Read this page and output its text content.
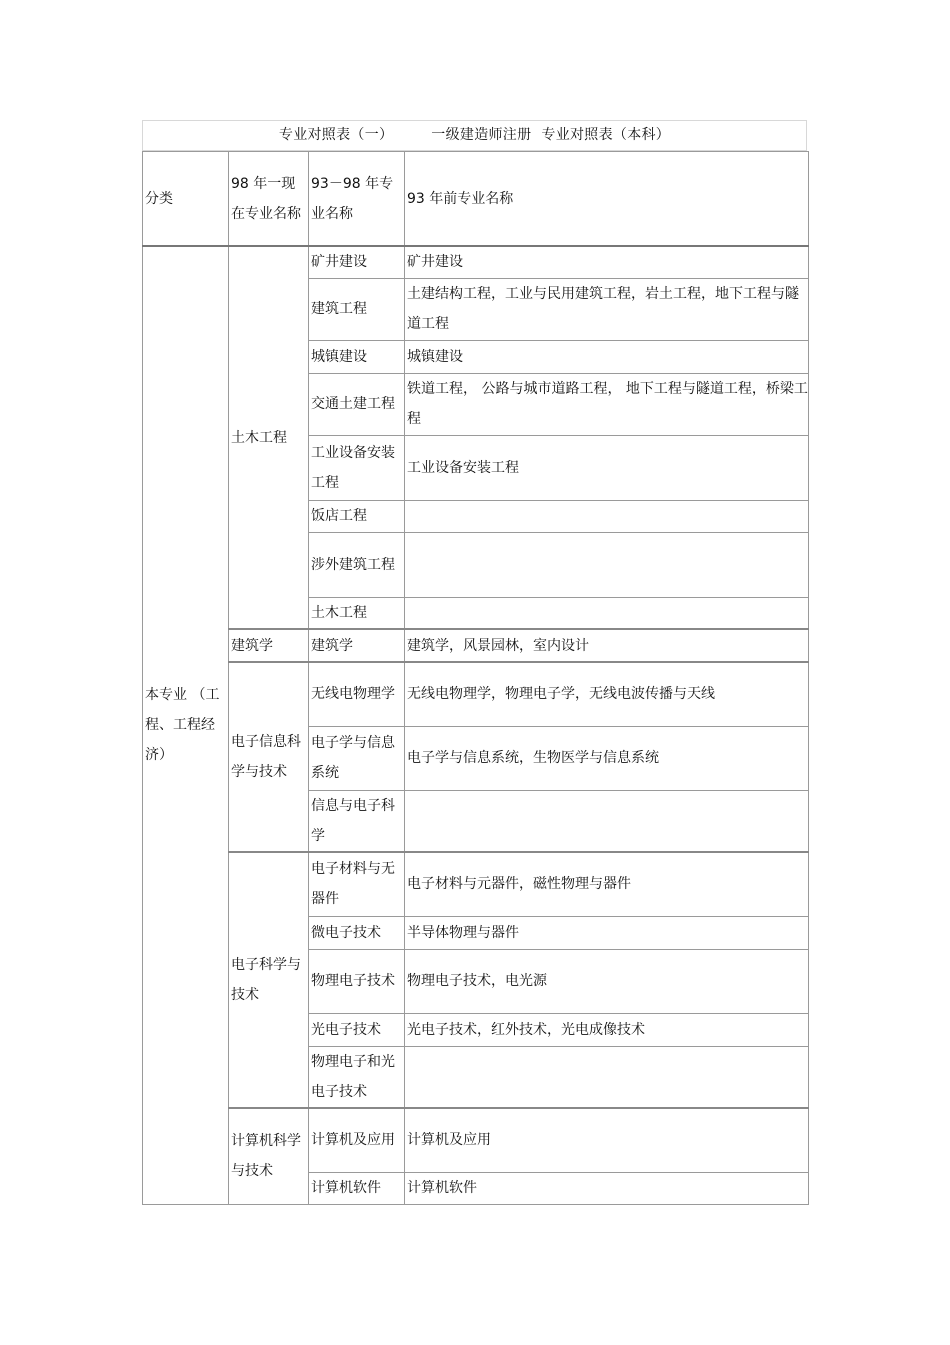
专业对照表（一）	一级建造师注册 专业对照表（本科）
分类	98 年一现在专业名称	93－98 年专业名称	93 年前专业名称
本专业 （工程、工程经济）	土木工程	矿井建设	矿井建设
		建筑工程	土建结构工程，工业与民用建筑工程，岩土工程，地下工程与隧道工程
		城镇建设	城镇建设
		交通土建工程	铁道工程， 公路与城市道路工程， 地下工程与隧道工程，桥梁工程
		工业设备安装工程	工业设备安装工程
		饭店工程	
		涉外建筑工程	
		土木工程	
	建筑学	建筑学	建筑学，风景园林，室内设计
	电子信息科学与技术	无线电物理学	无线电物理学，物理电子学，无线电波传播与天线
		电子学与信息系统	电子学与信息系统，生物医学与信息系统
		信息与电子科学	
	电子科学与技术	电子材料与无器件	电子材料与元器件，磁性物理与器件
		微电子技术	半导体物理与器件
		物理电子技术	物理电子技术，电光源
		光电子技术	光电子技术，红外技术，光电成像技术
		物理电子和光电子技术	
	计算机科学与技术	计算机及应用	计算机及应用
		计算机软件	计算机软件
